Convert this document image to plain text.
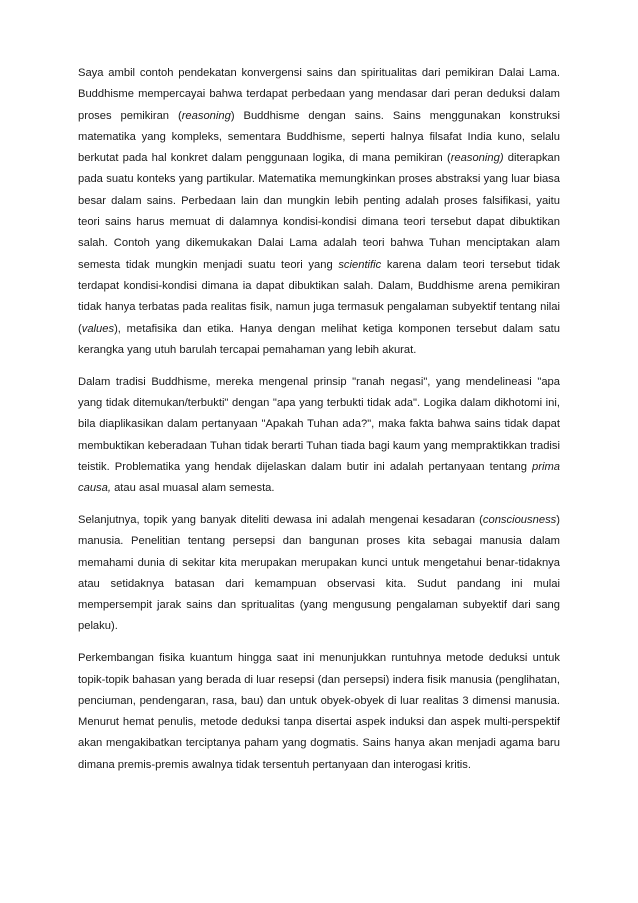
Saya ambil contoh pendekatan konvergensi sains dan spiritualitas dari pemikiran Dalai Lama. Buddhisme mempercayai bahwa terdapat perbedaan yang mendasar dari peran deduksi dalam proses pemikiran (reasoning) Buddhisme dengan sains. Sains menggunakan konstruksi matematika yang kompleks, sementara Buddhisme, seperti halnya filsafat India kuno, selalu berkutat pada hal konkret dalam penggunaan logika, di mana pemikiran (reasoning) diterapkan pada suatu konteks yang partikular. Matematika memungkinkan proses abstraksi yang luar biasa besar dalam sains. Perbedaan lain dan mungkin lebih penting adalah proses falsifikasi, yaitu teori sains harus memuat di dalamnya kondisi-kondisi dimana teori tersebut dapat dibuktikan salah. Contoh yang dikemukakan Dalai Lama adalah teori bahwa Tuhan menciptakan alam semesta tidak mungkin menjadi suatu teori yang scientific karena dalam teori tersebut tidak terdapat kondisi-kondisi dimana ia dapat dibuktikan salah. Dalam, Buddhisme arena pemikiran tidak hanya terbatas pada realitas fisik, namun juga termasuk pengalaman subyektif tentang nilai (values), metafisika dan etika. Hanya dengan melihat ketiga komponen tersebut dalam satu kerangka yang utuh barulah tercapai pemahaman yang lebih akurat.

Dalam tradisi Buddhisme, mereka mengenal prinsip "ranah negasi", yang mendelineasi "apa yang tidak ditemukan/terbukti" dengan "apa yang terbukti tidak ada". Logika dalam dikhotomi ini, bila diaplikasikan dalam pertanyaan "Apakah Tuhan ada?", maka fakta bahwa sains tidak dapat membuktikan keberadaan Tuhan tidak berarti Tuhan tiada bagi kaum yang mempraktikkan tradisi teistik. Problematika yang hendak dijelaskan dalam butir ini adalah pertanyaan tentang prima causa, atau asal muasal alam semesta.

Selanjutnya, topik yang banyak diteliti dewasa ini adalah mengenai kesadaran (consciousness) manusia. Penelitian tentang persepsi dan bangunan proses kita sebagai manusia dalam memahami dunia di sekitar kita merupakan merupakan kunci untuk mengetahui benar-tidaknya atau setidaknya batasan dari kemampuan observasi kita. Sudut pandang ini mulai mempersempit jarak sains dan spritualitas (yang mengusung pengalaman subyektif dari sang pelaku).

Perkembangan fisika kuantum hingga saat ini menunjukkan runtuhnya metode deduksi untuk topik-topik bahasan yang berada di luar resepsi (dan persepsi) indera fisik manusia (penglihatan, penciuman, pendengaran, rasa, bau) dan untuk obyek-obyek di luar realitas 3 dimensi manusia. Menurut hemat penulis, metode deduksi tanpa disertai aspek induksi dan aspek multi-perspektif akan mengakibatkan terciptanya paham yang dogmatis. Sains hanya akan menjadi agama baru dimana premis-premis awalnya tidak tersentuh pertanyaan dan interogasi kritis.
